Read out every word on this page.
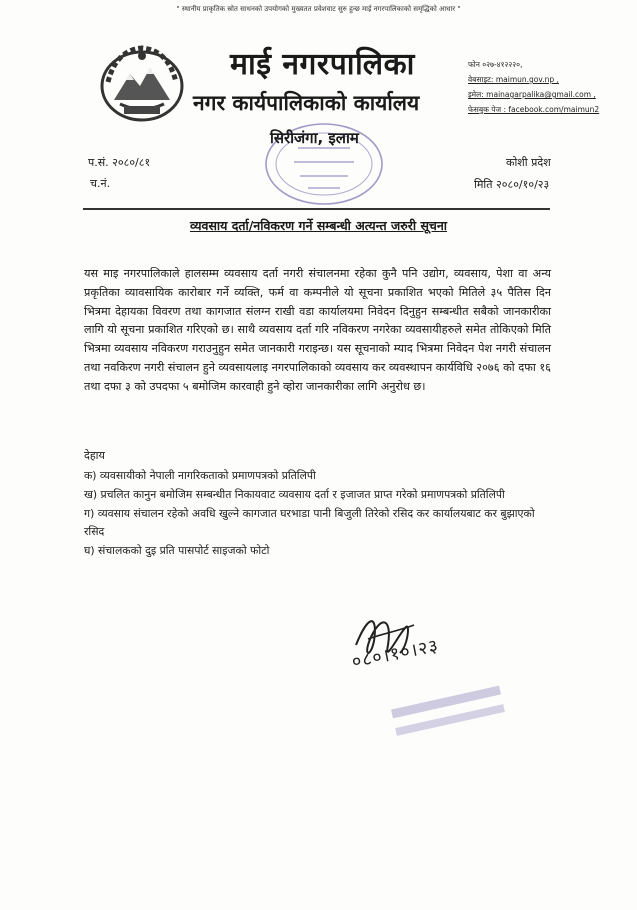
" स्थानीय प्राकृतिक स्रोत साधनको उपयोगको मुख्यतत प्रवेशवाट सुरु हुन्छ माई नगरपालिकाको समृद्धिको आधार "
माई नगरपालिका
नगर कार्यपालिकाको कार्यालय
सिरीजंगा, इलाम
फोन ०२७-४१२२२०,
वेबसाइट: maimun.gov.np ,
इमेल: mainagarpalika@gmail.com ,
फेसबुक पेज : facebook.com/maimun2
प.सं. २०८०/८१
च.नं.
कोशी प्रदेश
मिति २०८०/१०/२३
व्यवसाय दर्ता/नविकरण गर्ने सम्बन्धी अत्यन्त जरुरी सूचना
यस माइ नगरपालिकाले हालसम्म व्यवसाय दर्ता नगरी संचालनमा रहेका कुनै पनि उद्योग, व्यवसाय, पेशा वा अन्य प्रकृतिका व्यावसायिक कारोबार गर्ने व्यक्ति, फर्म वा कम्पनीले यो सूचना प्रकाशित भएको मितिले ३५ पैतिस दिन भित्रमा देहायका विवरण तथा कागजात संलग्न राखी वडा कार्यालयमा निवेदन दिनुहुन सम्बन्धीत सबैको जानकारीका लागि यो सूचना प्रकाशित गरिएको छ। साथै व्यवसाय दर्ता गरि नविकरण नगरेका व्यवसायीहरुले समेत तोकिएको मिति भित्रमा व्यवसाय नविकरण गराउनुहुन समेत जानकारी गराइन्छ। यस सूचनाको म्याद भित्रमा निवेदन पेश नगरी संचालन तथा नवकिरण नगरी संचालन हुने व्यवसायलाइ नगरपालिकाको व्यवसाय कर व्यवस्थापन कार्यविधि २०७६ को दफा १६ तथा दफा ३ को उपदफा ५ बमोजिम कारवाही हुने व्होरा जानकारीका लागि अनुरोध छ।
देहाय

क) व्यवसायीको नेपाली नागरिकताको प्रमाणपत्रको प्रतिलिपी

ख) प्रचलित कानुन बमोजिम सम्बन्धीत निकायवाट व्यवसाय दर्ता र इजाजत प्राप्त गरेको प्रमाणपत्रको प्रतिलिपी

ग) व्यवसाय संचालन रहेको अवधि खुल्ने कागजात घरभाडा पानी बिजुली तिरेको रसिद कर कार्यालयबाट कर बुझाएको रसिद

घ) संचालकको दुइ प्रति पासपोर्ट साइजको फोटो

०८०।१०।२३
